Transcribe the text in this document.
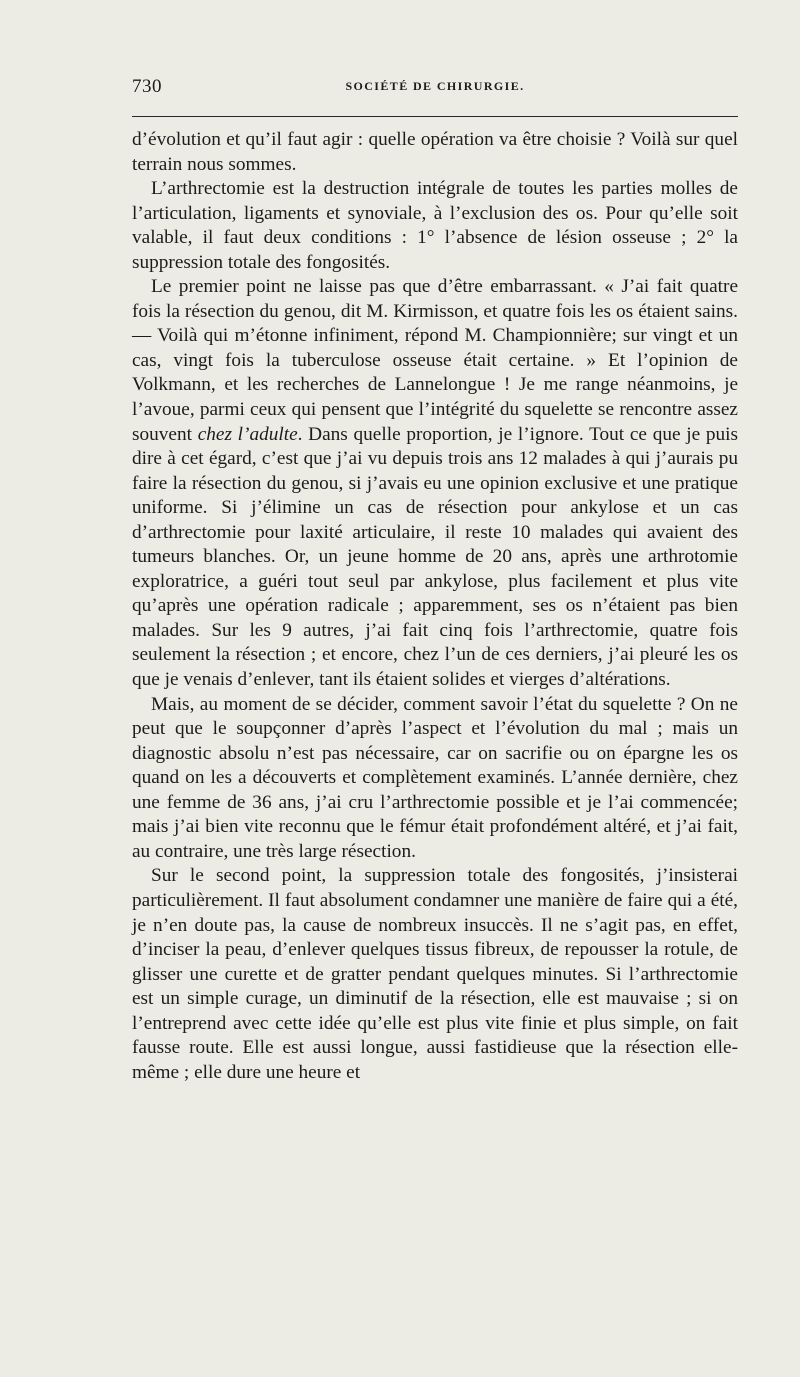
730	SOCIÉTÉ DE CHIRURGIE.

d’évolution et qu’il faut agir : quelle opération va être choisie ? Voilà sur quel terrain nous sommes.

L’arthrectomie est la destruction intégrale de toutes les parties molles de l’articulation, ligaments et synoviale, à l’exclusion des os. Pour qu’elle soit valable, il faut deux conditions : 1° l’absence de lésion osseuse ; 2° la suppression totale des fongosités.

Le premier point ne laisse pas que d’être embarrassant. « J’ai fait quatre fois la résection du genou, dit M. Kirmisson, et quatre fois les os étaient sains. — Voilà qui m’étonne infiniment, répond M. Championnière; sur vingt et un cas, vingt fois la tuberculose osseuse était certaine. » Et l’opinion de Volkmann, et les recherches de Lannelongue ! Je me range néanmoins, je l’avoue, parmi ceux qui pensent que l’intégrité du squelette se rencontre assez souvent chez l’adulte. Dans quelle proportion, je l’ignore. Tout ce que je puis dire à cet égard, c’est que j’ai vu depuis trois ans 12 malades à qui j’aurais pu faire la résection du genou, si j’avais eu une opinion exclusive et une pratique uniforme. Si j’élimine un cas de résection pour ankylose et un cas d’arthrectomie pour laxité articulaire, il reste 10 malades qui avaient des tumeurs blanches. Or, un jeune homme de 20 ans, après une arthrotomie exploratrice, a guéri tout seul par ankylose, plus facilement et plus vite qu’après une opération radicale ; apparemment, ses os n’étaient pas bien malades. Sur les 9 autres, j’ai fait cinq fois l’arthrectomie, quatre fois seulement la résection ; et encore, chez l’un de ces derniers, j’ai pleuré les os que je venais d’enlever, tant ils étaient solides et vierges d’altérations.

Mais, au moment de se décider, comment savoir l’état du squelette ? On ne peut que le soupçonner d’après l’aspect et l’évolution du mal ; mais un diagnostic absolu n’est pas nécessaire, car on sacrifie ou on épargne les os quand on les a découverts et complètement examinés. L’année dernière, chez une femme de 36 ans, j’ai cru l’arthrectomie possible et je l’ai commencée; mais j’ai bien vite reconnu que le fémur était profondément altéré, et j’ai fait, au contraire, une très large résection.

Sur le second point, la suppression totale des fongosités, j’insisterai particulièrement. Il faut absolument condamner une manière de faire qui a été, je n’en doute pas, la cause de nombreux insuccès. Il ne s’agit pas, en effet, d’inciser la peau, d’enlever quelques tissus fibreux, de repousser la rotule, de glisser une curette et de gratter pendant quelques minutes. Si l’arthrectomie est un simple curage, un diminutif de la résection, elle est mauvaise ; si on l’entreprend avec cette idée qu’elle est plus vite finie et plus simple, on fait fausse route. Elle est aussi longue, aussi fastidieuse que la résection elle-même ; elle dure une heure et
